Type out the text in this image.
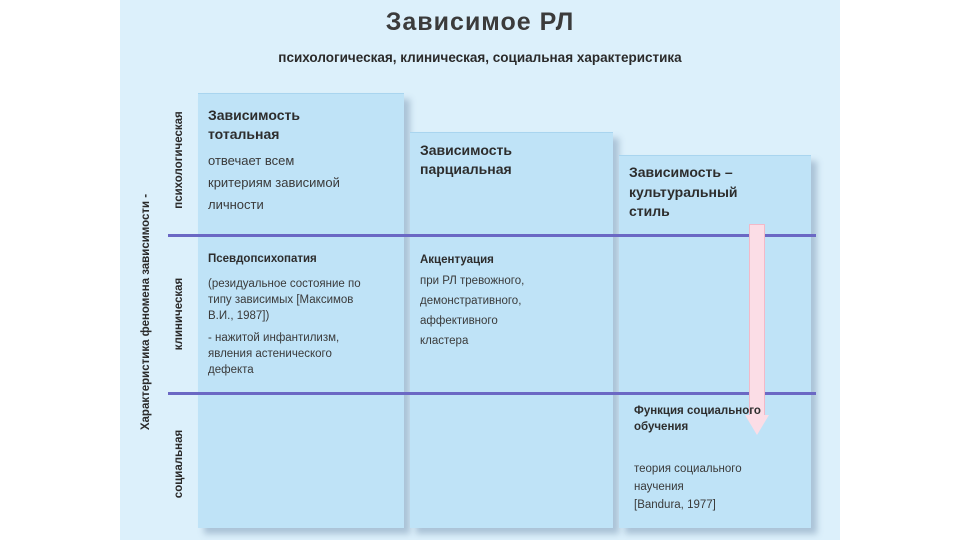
Зависимое РЛ
психологическая, клиническая, социальная характеристика
Характеристика феномена зависимости -
психологическая
клиническая
социальная
Зависимость
тотальная
отвечает всем
критериям зависимой
личности
Псевдопсихопатия
(резидуальное состояние по
типу зависимых [Максимов
В.И., 1987])
- нажитой инфантилизм,
явления астенического
дефекта
Зависимость
парциальная
Акцентуация
при РЛ тревожного,
демонстративного,
аффективного
кластера
Зависимость –
культуральный
стиль
Функция социального
обучения
теория социального
научения
[Bandura, 1977]
